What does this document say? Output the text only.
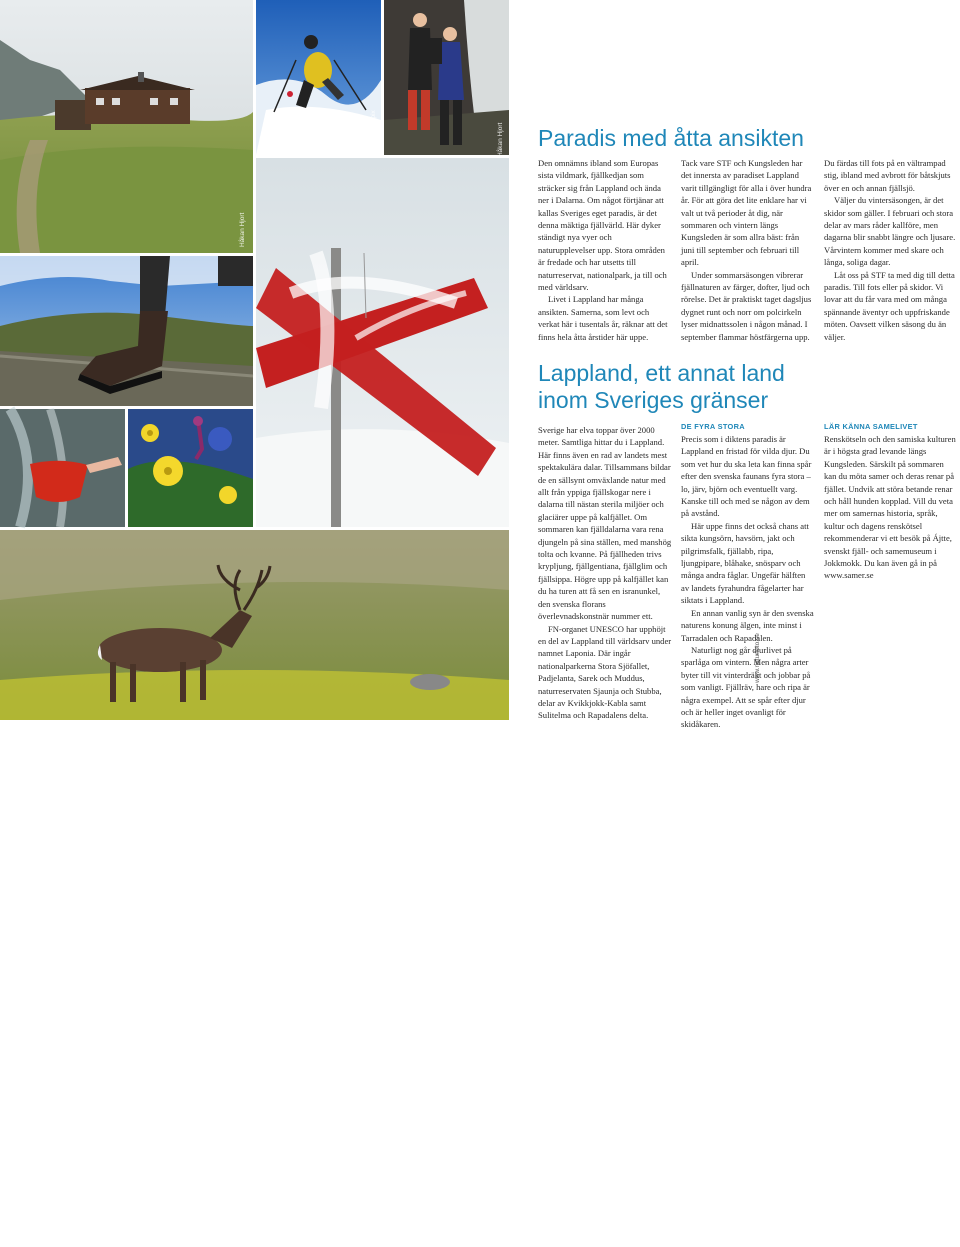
Håkan Hjort
Johnér/Scanpix	Håkan Hjort
Håkan Hjort	Håkan Hjort
www.naturfoto.se
Håkan Hjort
Paradis med åtta ansikten

Den omnämns ibland som Europas sista vildmark, fjällkedjan som sträcker sig från Lappland och ända ner i Dalarna. Om något förtjänar att kallas Sveriges eget paradis, är det denna mäktiga fjällvärld. Här dyker ständigt nya vyer och naturupplevelser upp. Stora områden är fredade och har utsetts till naturreservat, nationalpark, ja till och med världsarv.

Livet i Lappland har många ansikten. Samerna, som levt och verkat här i tusentals år, räknar att det finns hela åtta årstider här uppe.

Tack vare STF och Kungsleden har det innersta av paradiset Lappland varit tillgängligt för alla i över hundra år. För att göra det lite enklare har vi valt ut två perioder åt dig, när sommaren och vintern längs Kungsleden är som allra bäst: från juni till september och februari till april.

Under sommarsäsongen vibrerar fjällnaturen av färger, dofter, ljud och rörelse. Det är praktiskt taget dagsljus dygnet runt och norr om polcirkeln lyser midnattssolen i någon månad. I september flammar höstfärgerna upp.

Du färdas till fots på en vältrampad stig, ibland med avbrott för båtskjuts över en och annan fjällsjö.

Väljer du vintersäsongen, är det skidor som gäller. I februari och stora delar av mars råder kallföre, men dagarna blir snabbt längre och ljusare. Vårvintern kommer med skare och långa, soliga dagar.

Låt oss på STF ta med dig till detta paradis. Till fots eller på skidor. Vi lovar att du får vara med om många spännande äventyr och uppfriskande möten. Oavsett vilken säsong du än väljer.

Lappland, ett annat land
inom Sveriges gränser

Sverige har elva toppar över 2000 meter. Samtliga hittar du i Lappland. Här finns även en rad av landets mest spektakulära dalar. Tillsammans bildar de en sällsynt omväxlande natur med allt från yppiga fjällskogar nere i dalarna till nästan sterila miljöer och glaciärer uppe på kalfjället. Om sommaren kan fjälldalarna vara rena djungeln på sina ställen, med manshög tolta och kvanne. På fjällheden trivs krypljung, fjällgentiana, fjällglim och fjällsippa. Högre upp på kalfjället kan du ha turen att få sen en isranunkel, den svenska florans överlevnadskonstnär nummer ett.

FN-organet UNESCO har upphöjt en del av Lappland till världsarv under namnet Laponia. Där ingår nationalparkerna Stora Sjöfallet, Padjelanta, Sarek och Muddus, naturreservaten Sjaunja och Stubba, delar av Kvikkjokk-Kabla samt Sulitelma och Rapadalens delta.

DE FYRA STORA

Precis som i diktens paradis är Lappland en fristad för vilda djur. Du som vet hur du ska leta kan finna spår efter den svenska faunans fyra stora – lo, järv, björn och eventuellt varg. Kanske till och med se någon av dem på avstånd.

Här uppe finns det också chans att sikta kungsörn, havsörn, jakt och pilgrimsfalk, fjällabb, ripa, ljungpipare, blåhake, snösparv och många andra fåglar. Ungefär hälften av landets fyrahundra fågelarter har siktats i Lappland.

En annan vanlig syn är den svenska naturens konung älgen, inte minst i Tarradalen och Rapadalen.

Naturligt nog går djurlivet på sparlåga om vintern. Men några arter byter till vit vinterdräkt och jobbar på som vanligt. Fjällräv, hare och ripa är några exempel. Att se spår efter djur och är heller inget ovanligt för skidåkaren.

LÄR KÄNNA SAMELIVET

Renskötseln och den samiska kulturen är i högsta grad levande längs Kungsleden. Särskilt på sommaren kan du möta samer och deras renar på fjället. Undvik att störa betande renar och håll hunden kopplad. Vill du veta mer om samernas historia, språk, kultur och dagens renskötsel rekommenderar vi ett besök på Ájtte, svenskt fjäll- och samemuseum i Jokkmokk. Du kan även gå in på www.samer.se
